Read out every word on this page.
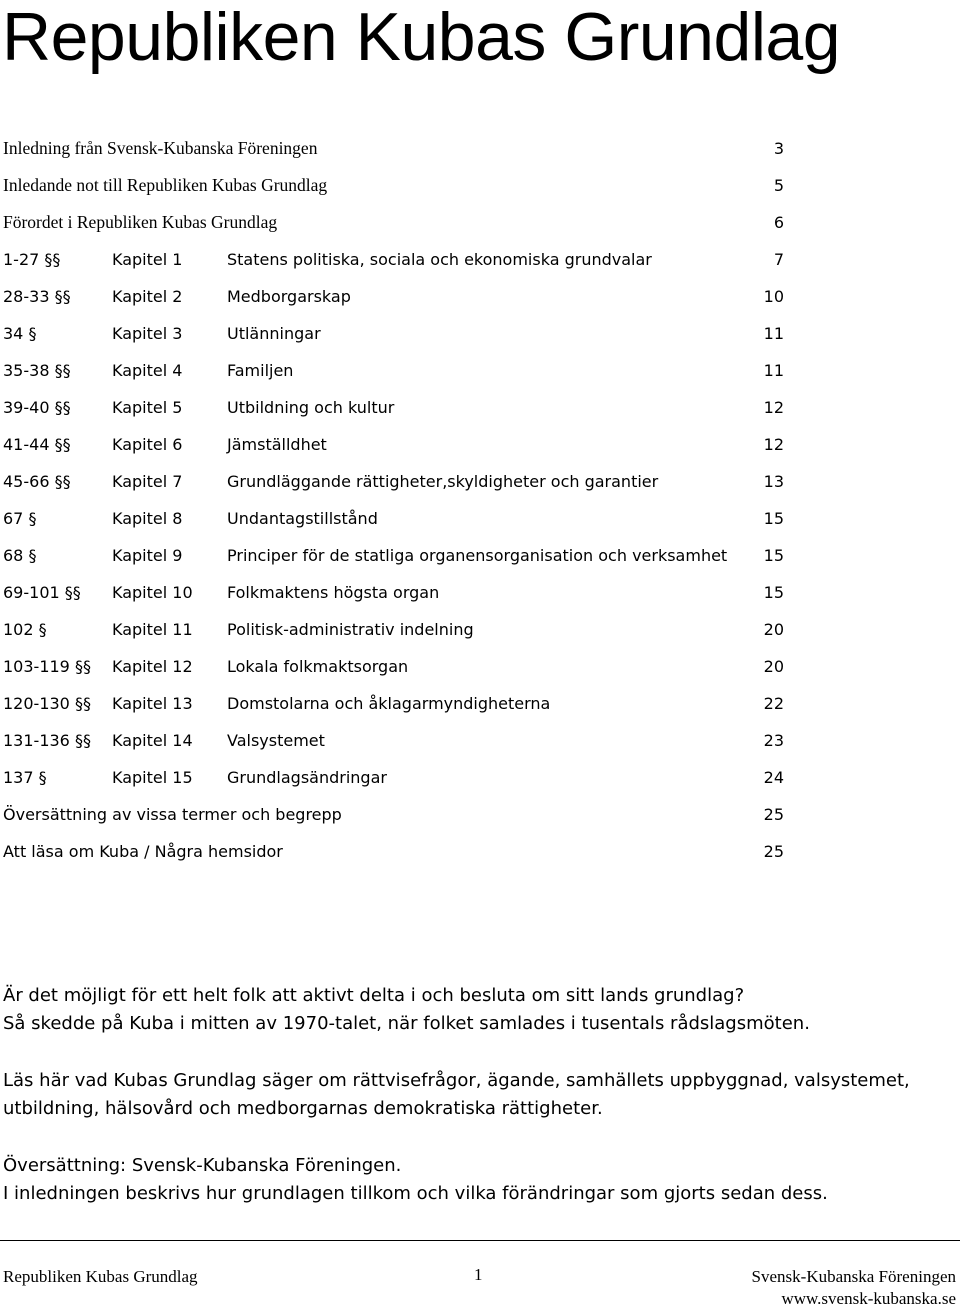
Republiken Kubas Grundlag
Inledning från Svensk-Kubanska Föreningen	3
Inledande not till Republiken Kubas Grundlag	5
Förordet i Republiken Kubas Grundlag	6
1-27 §§	Kapitel 1	Statens politiska, sociala och ekonomiska grundvalar	7
28-33 §§	Kapitel 2	Medborgarskap	10
34 §	Kapitel 3	Utlänningar	11
35-38 §§	Kapitel 4	Familjen	11
39-40 §§	Kapitel 5	Utbildning och kultur	12
41-44 §§	Kapitel 6	Jämställdhet	12
45-66 §§	Kapitel 7	Grundläggande rättigheter,skyldigheter och garantier	13
67 §	Kapitel 8	Undantagstillstånd	15
68 §	Kapitel 9	Principer för de statliga organensorganisation och verksamhet 15
69-101 §§ Kapitel 10 Folkmaktens högsta organ	15
102 §	Kapitel 11 Politisk-administrativ indelning	20
103-119 §§ Kapitel 12 Lokala folkmaktsorgan	20
120-130 §§ Kapitel 13 Domstolarna och åklagarmyndigheterna	22
131-136 §§ Kapitel 14 Valsystemet	23
137 §	Kapitel 15 Grundlagsändringar	24
Översättning av vissa termer och begrepp	25
Att läsa om Kuba / Några hemsidor	25

Är det möjligt för ett helt folk att aktivt delta i och besluta om sitt lands grundlag?
Så skedde på Kuba i mitten av 1970-talet, när folket samlades i tusentals rådslagsmöten.

Läs här vad Kubas Grundlag säger om rättvisefrågor, ägande, samhällets uppbyggnad, valsystemet, utbildning, hälsovård och medborgarnas demokratiska rättigheter.

Översättning: Svensk-Kubanska Föreningen.
I inledningen beskrivs hur grundlagen tillkom och vilka förändringar som gjorts sedan dess.

Republiken Kubas Grundlag	1	Svensk-Kubanska Föreningen
www.svensk-kubanska.se
